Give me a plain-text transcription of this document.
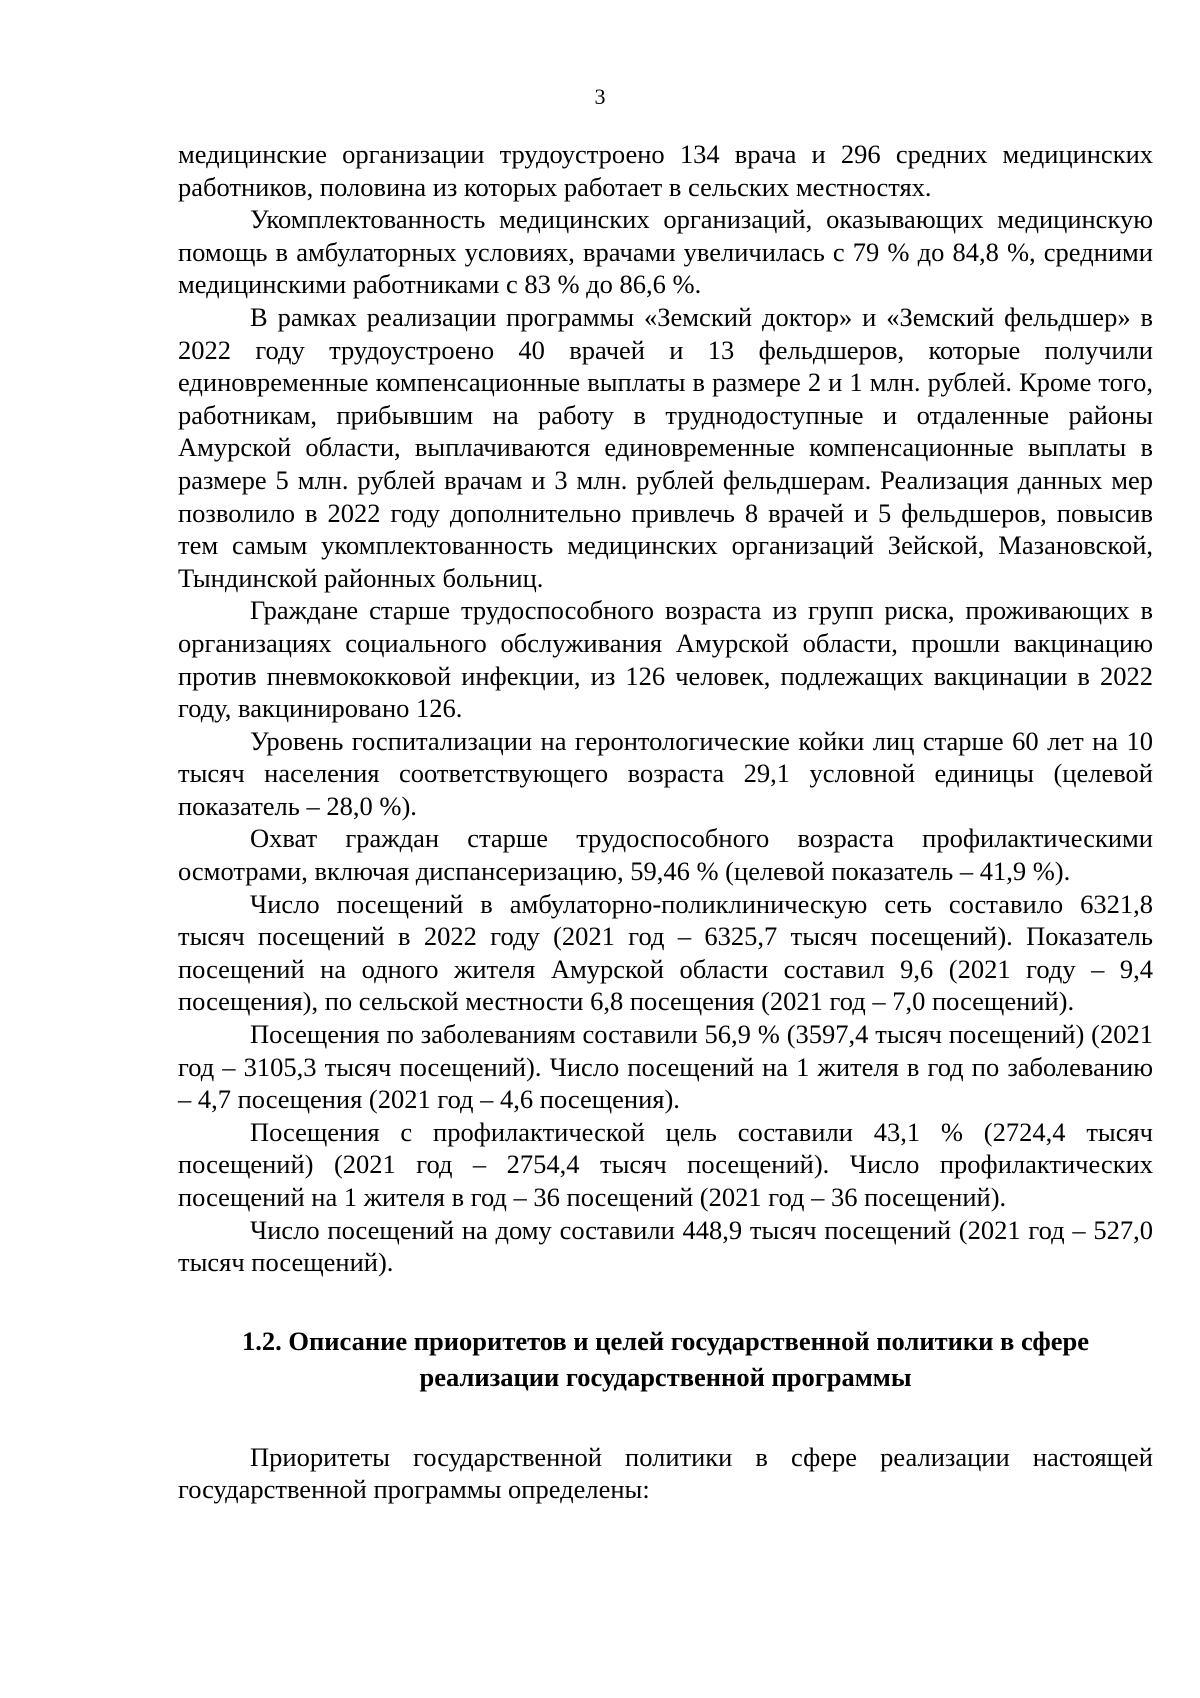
3

медицинские организации трудоустроено 134 врача и 296 средних медицинских работников, половина из которых работает в сельских местностях.

Укомплектованность медицинских организаций, оказывающих медицинскую помощь в амбулаторных условиях, врачами увеличилась с 79 % до 84,8 %, средними медицинскими работниками с 83 % до 86,6 %.

В рамках реализации программы «Земский доктор» и «Земский фельдшер» в 2022 году трудоустроено 40 врачей и 13 фельдшеров, которые получили единовременные компенсационные выплаты в размере 2 и 1 млн. рублей. Кроме того, работникам, прибывшим на работу в труднодоступные и отдаленные районы Амурской области, выплачиваются единовременные компенсационные выплаты в размере 5 млн. рублей врачам и 3 млн. рублей фельдшерам. Реализация данных мер позволило в 2022 году дополнительно привлечь 8 врачей и 5 фельдшеров, повысив тем самым укомплектованность медицинских организаций Зейской, Мазановской, Тындинской районных больниц.

Граждане старше трудоспособного возраста из групп риска, проживающих в организациях социального обслуживания Амурской области, прошли вакцинацию против пневмококковой инфекции, из 126 человек, подлежащих вакцинации в 2022 году, вакцинировано 126.

Уровень госпитализации на геронтологические койки лиц старше 60 лет на 10 тысяч населения соответствующего возраста 29,1 условной единицы (целевой показатель – 28,0 %).

Охват граждан старше трудоспособного возраста профилактическими осмотрами, включая диспансеризацию, 59,46 % (целевой показатель – 41,9 %).

Число посещений в амбулаторно-поликлиническую сеть составило 6321,8 тысяч посещений в 2022 году (2021 год – 6325,7 тысяч посещений). Показатель посещений на одного жителя Амурской области составил 9,6 (2021 году – 9,4 посещения), по сельской местности 6,8 посещения (2021 год – 7,0 посещений).

Посещения по заболеваниям составили 56,9 % (3597,4 тысяч посещений) (2021 год – 3105,3 тысяч посещений). Число посещений на 1 жителя в год по заболеванию – 4,7 посещения (2021 год – 4,6 посещения).

Посещения с профилактической цель составили 43,1 % (2724,4 тысяч посещений) (2021 год – 2754,4 тысяч посещений). Число профилактических посещений на 1 жителя в год – 36 посещений (2021 год – 36 посещений).

Число посещений на дому составили 448,9 тысяч посещений (2021 год – 527,0 тысяч посещений).

1.2. Описание приоритетов и целей государственной политики в сфере реализации государственной программы

Приоритеты государственной политики в сфере реализации настоящей государственной программы определены:
